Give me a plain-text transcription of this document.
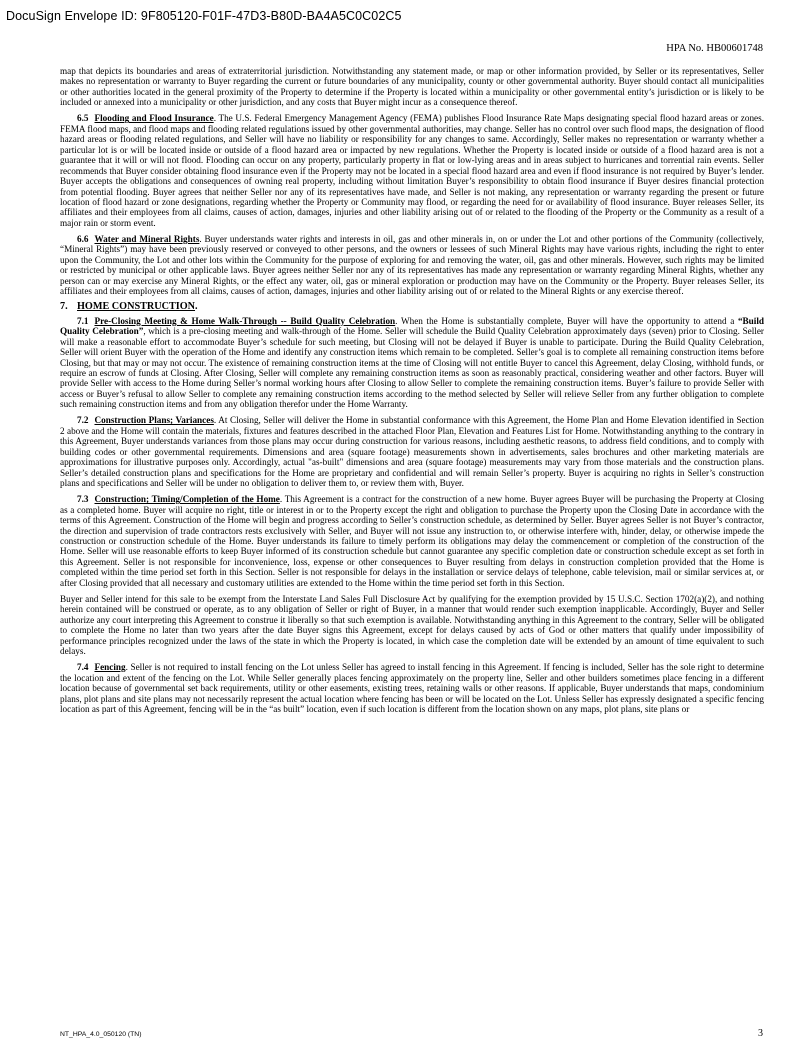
DocuSign Envelope ID: 9F805120-F01F-47D3-B80D-BA4A5C0C02C5
HPA No. HB00601748

map that depicts its boundaries and areas of extraterritorial jurisdiction. Notwithstanding any statement made, or map or other information provided, by Seller or its representatives, Seller makes no representation or warranty to Buyer regarding the current or future boundaries of any municipality, county or other governmental authority. Buyer should contact all municipalities or other authorities located in the general proximity of the Property to determine if the Property is located within a municipality or other governmental entity’s jurisdiction or is likely to be included or annexed into a municipality or other jurisdiction, and any costs that Buyer might incur as a consequence thereof.

6.5 Flooding and Flood Insurance. The U.S. Federal Emergency Management Agency (FEMA) publishes Flood Insurance Rate Maps designating special flood hazard areas or zones. FEMA flood maps, and flood maps and flooding related regulations issued by other governmental authorities, may change. Seller has no control over such flood maps, the designation of flood hazard areas or flooding related regulations, and Seller will have no liability or responsibility for any changes to same. Accordingly, Seller makes no representation or warranty whether a particular lot is or will be located inside or outside of a flood hazard area or impacted by new regulations. Whether the Property is located inside or outside of a flood hazard area is not a guarantee that it will or will not flood. Flooding can occur on any property, particularly property in flat or low-lying areas and in areas subject to hurricanes and torrential rain events. Seller recommends that Buyer consider obtaining flood insurance even if the Property may not be located in a special flood hazard area and even if flood insurance is not required by Buyer’s lender. Buyer accepts the obligations and consequences of owning real property, including without limitation Buyer’s responsibility to obtain flood insurance if Buyer desires financial protection from potential flooding. Buyer agrees that neither Seller nor any of its representatives have made, and Seller is not making, any representation or warranty regarding the present or future location of flood hazard or zone designations, regarding whether the Property or Community may flood, or regarding the need for or availability of flood insurance. Buyer releases Seller, its affiliates and their employees from all claims, causes of action, damages, injuries and other liability arising out of or related to the flooding of the Property or the Community as a result of a major rain or storm event.

6.6 Water and Mineral Rights. Buyer understands water rights and interests in oil, gas and other minerals in, on or under the Lot and other portions of the Community (collectively, “Mineral Rights”) may have been previously reserved or conveyed to other persons, and the owners or lessees of such Mineral Rights may have various rights, including the right to enter upon the Community, the Lot and other lots within the Community for the purpose of exploring for and removing the water, oil, gas and other minerals. However, such rights may be limited or restricted by municipal or other applicable laws. Buyer agrees neither Seller nor any of its representatives has made any representation or warranty regarding Mineral Rights, whether any person can or may exercise any Mineral Rights, or the effect any water, oil, gas or mineral exploration or production may have on the Community or the Property. Buyer releases Seller, its affiliates and their employees from all claims, causes of action, damages, injuries and other liability arising out of or related to the Mineral Rights or any exercise thereof.

7. HOME CONSTRUCTION.

7.1 Pre-Closing Meeting & Home Walk-Through -- Build Quality Celebration. When the Home is substantially complete, Buyer will have the opportunity to attend a “Build Quality Celebration”, which is a pre-closing meeting and walk-through of the Home. Seller will schedule the Build Quality Celebration approximately days (seven) prior to Closing. Seller will make a reasonable effort to accommodate Buyer’s schedule for such meeting, but Closing will not be delayed if Buyer is unable to participate. During the Build Quality Celebration, Seller will orient Buyer with the operation of the Home and identify any construction items which remain to be completed. Seller’s goal is to complete all remaining construction items before Closing, but that may or may not occur. The existence of remaining construction items at the time of Closing will not entitle Buyer to cancel this Agreement, delay Closing, withhold funds, or require an escrow of funds at Closing. After Closing, Seller will complete any remaining construction items as soon as reasonably practical, considering weather and other factors. Buyer will provide Seller with access to the Home during Seller’s normal working hours after Closing to allow Seller to complete the remaining construction items. Buyer’s failure to provide Seller with access or Buyer’s refusal to allow Seller to complete any remaining construction items according to the method selected by Seller will relieve Seller from any further obligation to complete such remaining construction items and from any obligation therefor under the Home Warranty.

7.2 Construction Plans; Variances. At Closing, Seller will deliver the Home in substantial conformance with this Agreement, the Home Plan and Home Elevation identified in Section 2 above and the Home will contain the materials, fixtures and features described in the attached Floor Plan, Elevation and Features List for Home. Notwithstanding anything to the contrary in this Agreement, Buyer understands variances from those plans may occur during construction for various reasons, including aesthetic reasons, to address field conditions, and to comply with building codes or other governmental requirements. Dimensions and area (square footage) measurements shown in advertisements, sales brochures and other marketing materials are approximations for illustrative purposes only. Accordingly, actual "as-built" dimensions and area (square footage) measurements may vary from those materials and the construction plans. Seller’s detailed construction plans and specifications for the Home are proprietary and confidential and will remain Seller’s property. Buyer is acquiring no rights in Seller’s construction plans and specifications and Seller will be under no obligation to deliver them to, or review them with, Buyer.

7.3 Construction; Timing/Completion of the Home. This Agreement is a contract for the construction of a new home. Buyer agrees Buyer will be purchasing the Property at Closing as a completed home. Buyer will acquire no right, title or interest in or to the Property except the right and obligation to purchase the Property upon the Closing Date in accordance with the terms of this Agreement. Construction of the Home will begin and progress according to Seller’s construction schedule, as determined by Seller. Buyer agrees Seller is not Buyer’s contractor, the direction and supervision of trade contractors rests exclusively with Seller, and Buyer will not issue any instruction to, or otherwise interfere with, hinder, delay, or otherwise impede the construction or construction schedule of the Home. Buyer understands its failure to timely perform its obligations may delay the commencement or completion of the construction of the Home. Seller will use reasonable efforts to keep Buyer informed of its construction schedule but cannot guarantee any specific completion date or construction schedule except as set forth in this Agreement. Seller is not responsible for inconvenience, loss, expense or other consequences to Buyer resulting from delays in construction completion provided that the Home is completed within the time period set forth in this Section. Seller is not responsible for delays in the installation or service delays of telephone, cable television, mail or similar services at, or after Closing provided that all necessary and customary utilities are extended to the Home within the time period set forth in this Section.

Buyer and Seller intend for this sale to be exempt from the Interstate Land Sales Full Disclosure Act by qualifying for the exemption provided by 15 U.S.C. Section 1702(a)(2), and nothing herein contained will be construed or operate, as to any obligation of Seller or right of Buyer, in a manner that would render such exemption inapplicable. Accordingly, Buyer and Seller authorize any court interpreting this Agreement to construe it liberally so that such exemption is available. Notwithstanding anything in this Agreement to the contrary, Seller will be obligated to complete the Home no later than two years after the date Buyer signs this Agreement, except for delays caused by acts of God or other matters that qualify under impossibility of performance principles recognized under the laws of the state in which the Property is located, in which case the completion date will be extended by an amount of time equivalent to such delays.

7.4 Fencing. Seller is not required to install fencing on the Lot unless Seller has agreed to install fencing in this Agreement. If fencing is included, Seller has the sole right to determine the location and extent of the fencing on the Lot. While Seller generally places fencing approximately on the property line, Seller and other builders sometimes place fencing in a different location because of governmental set back requirements, utility or other easements, existing trees, retaining walls or other reasons. If applicable, Buyer understands that maps, condominium plans, plot plans and site plans may not necessarily represent the actual location where fencing has been or will be located on the Lot. Unless Seller has expressly designated a specific fencing location as part of this Agreement, fencing will be in the “as built” location, even if such location is different from the location shown on any maps, plot plans, site plans or

NT_HPA_4.0_050120 (TN)	3
